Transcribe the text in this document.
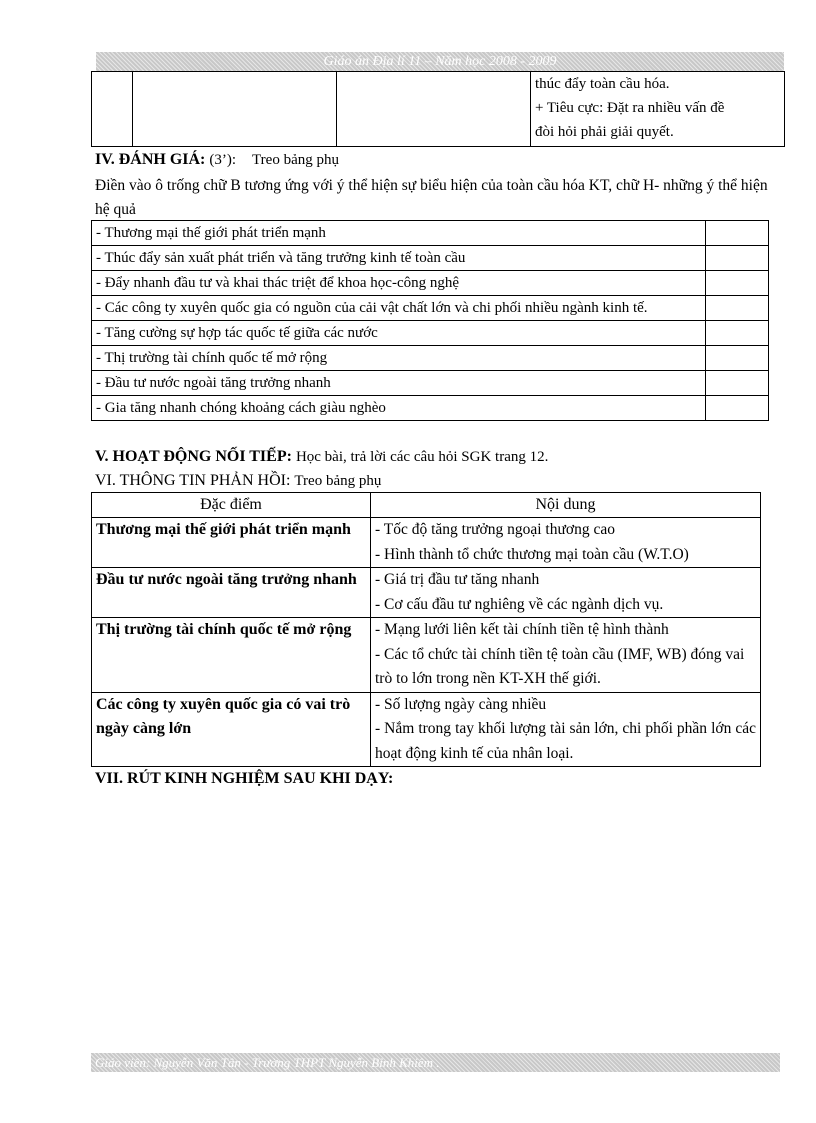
Giáo án Địa lí 11 – Năm học 2008 - 2009

thúc đẩy toàn cầu hóa.
+ Tiêu cực: Đặt ra nhiều vấn đề
đòi hỏi phải giải quyết.
IV. ĐÁNH GIÁ: (3’): Treo bảng phụ
Điền vào ô trống chữ B tương ứng với ý thể hiện sự biểu hiện của toàn cầu hóa KT, chữ H- những ý thể hiện hệ quả
- Thương mại thế giới phát triển mạnh	
- Thúc đẩy sản xuất phát triển và tăng trưởng kinh tế toàn cầu	
- Đẩy nhanh đầu tư và khai thác triệt để khoa học-công nghệ	
- Các công ty xuyên quốc gia có nguồn của cải vật chất lớn và chi phối nhiều ngành kinh tế.	
- Tăng cường sự hợp tác quốc tế giữa các nước	
- Thị trường tài chính quốc tế mở rộng	
- Đầu tư nước ngoài tăng trưởng nhanh	
- Gia tăng nhanh chóng khoảng cách giàu nghèo	
V. HOẠT ĐỘNG NỐI TIẾP: Học bài, trả lời các câu hỏi SGK trang 12.
VI. THÔNG TIN PHẢN HỒI: Treo bảng phụ
Đặc điểm	Nội dung
Thương mại thế giới phát triển mạnh	- Tốc độ tăng trưởng ngoại thương cao
- Hình thành tổ chức thương mại toàn cầu (W.T.O)

Đầu tư nước ngoài tăng trưởng nhanh	- Giá trị đầu tư tăng nhanh
- Cơ cấu đầu tư nghiêng về các ngành dịch vụ.

Thị trường tài chính quốc tế mở rộng	- Mạng lưới liên kết tài chính tiền tệ hình thành
- Các tổ chức tài chính tiền tệ toàn cầu (IMF, WB) đóng vai trò to lớn trong nền KT-XH thế giới.

Các công ty xuyên quốc gia có vai trò ngày càng lớn	- Số lượng ngày càng nhiều
- Nắm trong tay khối lượng tài sản lớn, chi phối phần lớn các hoạt động kinh tế của nhân loại.
VII. RÚT KINH NGHIỆM SAU KHI DẠY:
Giáo viên: Nguyễn Văn Tân - Trường THPT Nguyễn Bỉnh Khiêm .
